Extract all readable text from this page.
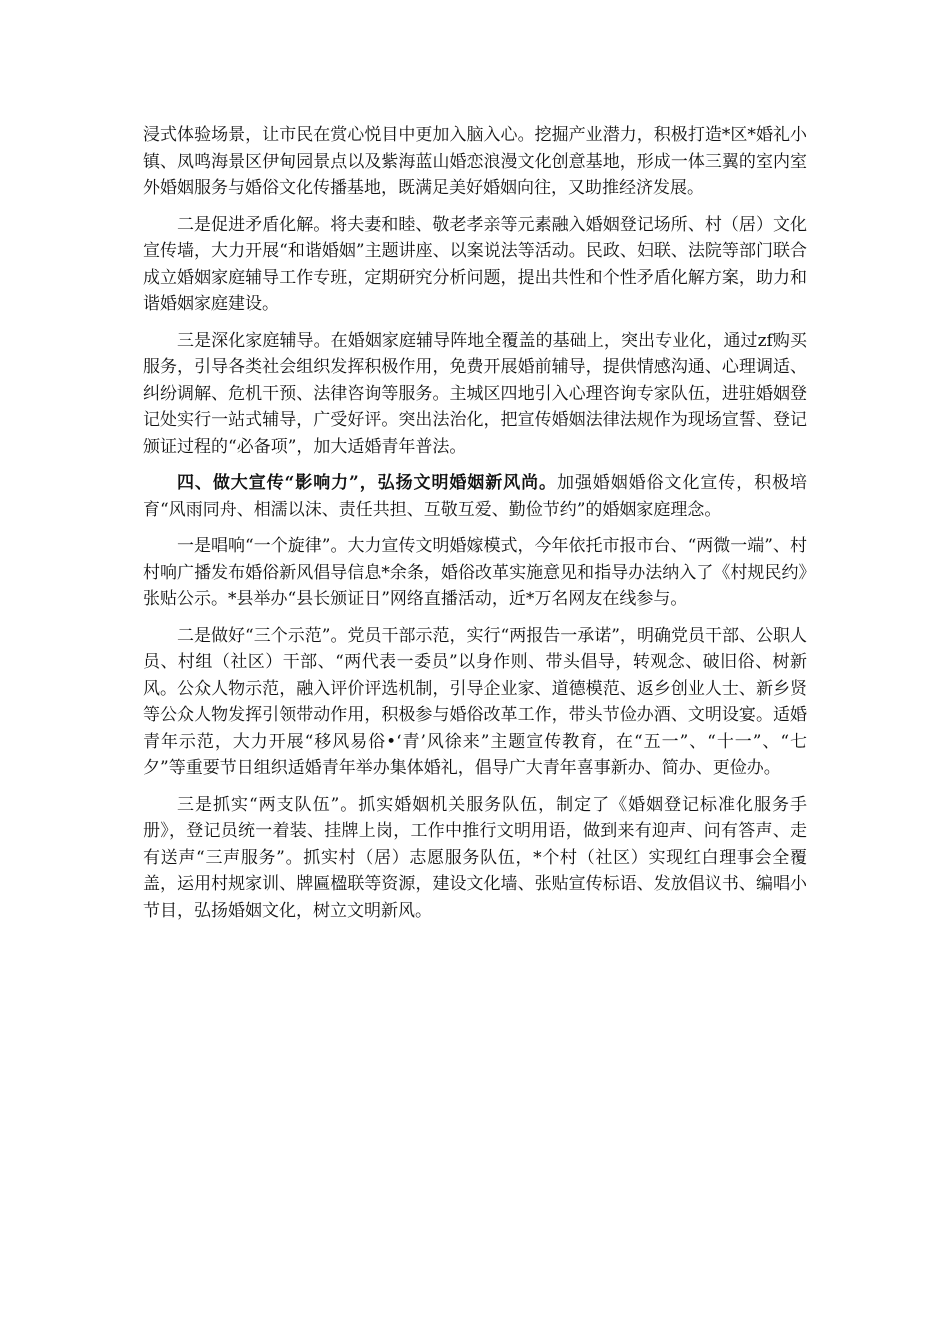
浸式体验场景，让市民在赏心悦目中更加入脑入心。挖掘产业潜力，积极打造*区*婚礼小镇、凤鸣海景区伊甸园景点以及紫海蓝山婚恋浪漫文化创意基地，形成一体三翼的室内室外婚姻服务与婚俗文化传播基地，既满足美好婚姻向往，又助推经济发展。

二是促进矛盾化解。将夫妻和睦、敬老孝亲等元素融入婚姻登记场所、村（居）文化宣传墙，大力开展“和谐婚姻”主题讲座、以案说法等活动。民政、妇联、法院等部门联合成立婚姻家庭辅导工作专班，定期研究分析问题，提出共性和个性矛盾化解方案，助力和谐婚姻家庭建设。

三是深化家庭辅导。在婚姻家庭辅导阵地全覆盖的基础上，突出专业化，通过zf购买服务，引导各类社会组织发挥积极作用，免费开展婚前辅导，提供情感沟通、心理调适、纠纷调解、危机干预、法律咨询等服务。主城区四地引入心理咨询专家队伍，进驻婚姻登记处实行一站式辅导，广受好评。突出法治化，把宣传婚姻法律法规作为现场宣誓、登记颁证过程的“必备项”，加大适婚青年普法。

四、做大宣传“影响力”，弘扬文明婚姻新风尚。加强婚姻婚俗文化宣传，积极培育“风雨同舟、相濡以沫、责任共担、互敬互爱、勤俭节约”的婚姻家庭理念。

一是唱响“一个旋律”。大力宣传文明婚嫁模式，今年依托市报市台、“两微一端”、村村响广播发布婚俗新风倡导信息*余条，婚俗改革实施意见和指导办法纳入了《村规民约》张贴公示。*县举办“县长颁证日”网络直播活动，近*万名网友在线参与。

二是做好“三个示范”。党员干部示范，实行“两报告一承诺”，明确党员干部、公职人员、村组（社区）干部、“两代表一委员”以身作则、带头倡导，转观念、破旧俗、树新风。公众人物示范，融入评价评选机制，引导企业家、道德模范、返乡创业人士、新乡贤等公众人物发挥引领带动作用，积极参与婚俗改革工作，带头节俭办酒、文明设宴。适婚青年示范，大力开展“移风易俗•‘青’风徐来”主题宣传教育，在“五一”、“十一”、“七夕”等重要节日组织适婚青年举办集体婚礼，倡导广大青年喜事新办、简办、更俭办。

三是抓实“两支队伍”。抓实婚姻机关服务队伍，制定了《婚姻登记标准化服务手册》，登记员统一着装、挂牌上岗，工作中推行文明用语，做到来有迎声、问有答声、走有送声“三声服务”。抓实村（居）志愿服务队伍，*个村（社区）实现红白理事会全覆盖，运用村规家训、牌匾楹联等资源，建设文化墙、张贴宣传标语、发放倡议书、编唱小节目，弘扬婚姻文化，树立文明新风。
